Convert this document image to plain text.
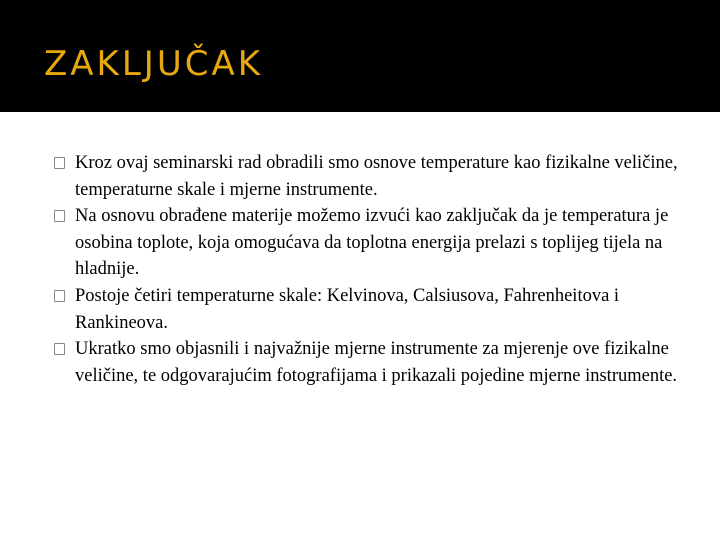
ZAKLJUČAK
Kroz ovaj seminarski rad obradili smo osnove temperature kao fizikalne veličine, temperaturne skale i mjerne instrumente.
Na osnovu obrađene materije možemo izvući kao zaključak da je temperatura je osobina toplote, koja omogućava da toplotna energija prelazi s toplijeg tijela na hladnije.
Postoje četiri temperaturne skale: Kelvinova, Calsiusova, Fahrenheitova i Rankineova.
Ukratko smo objasnili i najvažnije mjerne instrumente za mjerenje ove fizikalne veličine, te odgovarajućim fotografijama i prikazali pojedine mjerne instrumente.
